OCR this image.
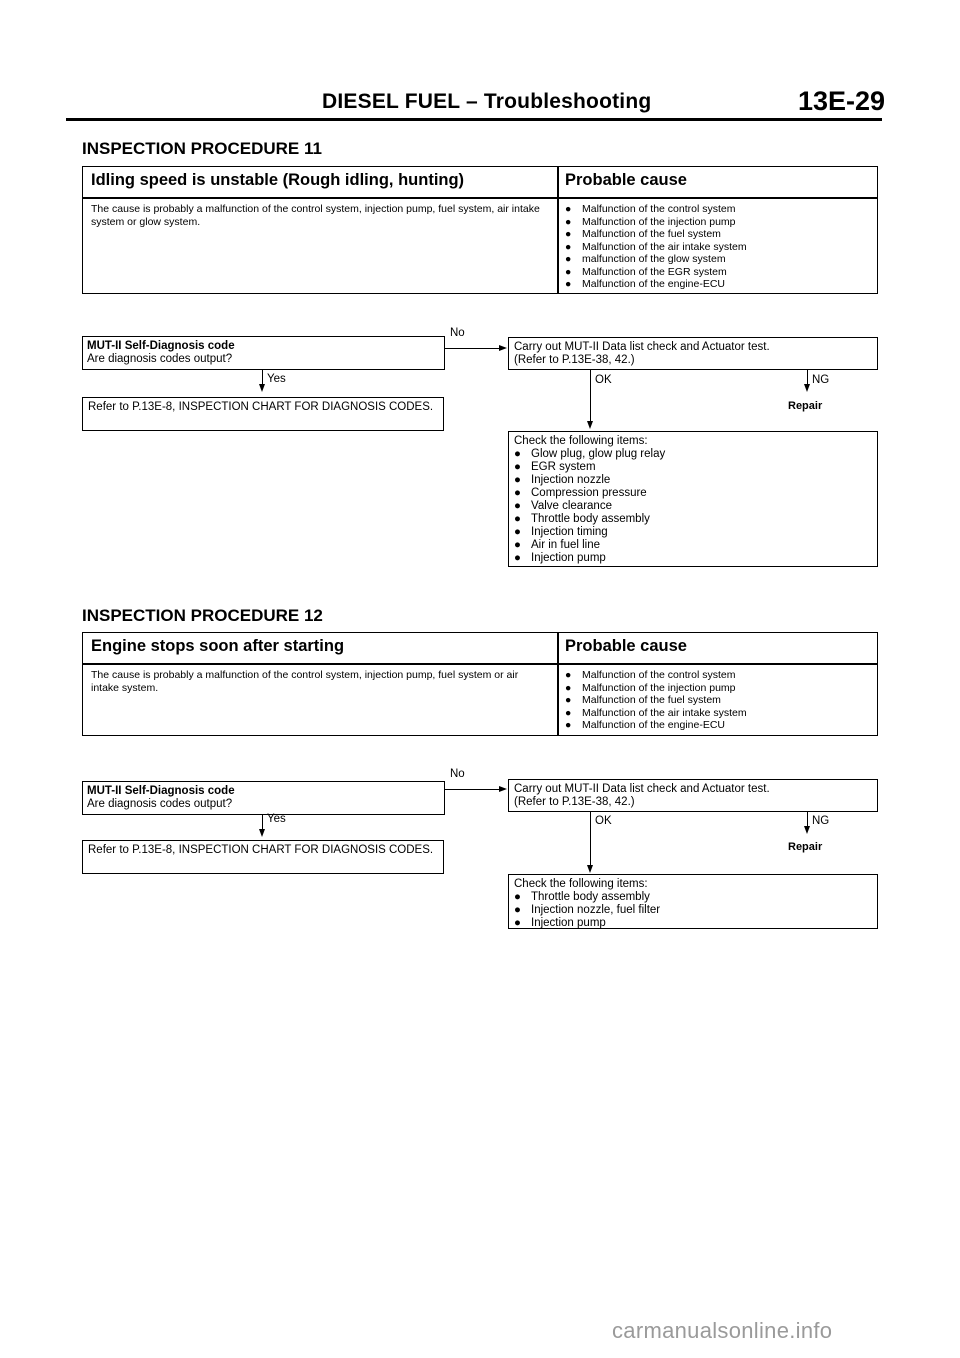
DIESEL FUEL – Troubleshooting	13E-29
INSPECTION PROCEDURE 11
Idling speed is unstable (Rough idling, hunting)	Probable cause
The cause is probably a malfunction of the control system, injection pump, fuel system, air intake system or glow system.
● Malfunction of the control system
● Malfunction of the injection pump
● Malfunction of the fuel system
● Malfunction of the air intake system
● malfunction of the glow system
● Malfunction of the EGR system
● Malfunction of the engine-ECU
MUT-II Self-Diagnosis code
Are diagnosis codes output?
No
Yes
Refer to P.13E-8, INSPECTION CHART FOR DIAGNOSIS CODES.
Carry out MUT-II Data list check and Actuator test.
(Refer to P.13E-38, 42.)
OK	NG
Repair
Check the following items:
● Glow plug, glow plug relay
● EGR system
● Injection nozzle
● Compression pressure
● Valve clearance
● Throttle body assembly
● Injection timing
● Air in fuel line
● Injection pump
INSPECTION PROCEDURE 12
Engine stops soon after starting	Probable cause
The cause is probably a malfunction of the control system, injection pump, fuel system or air intake system.
● Malfunction of the control system
● Malfunction of the injection pump
● Malfunction of the fuel system
● Malfunction of the air intake system
● Malfunction of the engine-ECU
MUT-II Self-Diagnosis code
Are diagnosis codes output?
No
Yes
Refer to P.13E-8, INSPECTION CHART FOR DIAGNOSIS CODES.
Carry out MUT-II Data list check and Actuator test.
(Refer to P.13E-38, 42.)
OK	NG
Repair
Check the following items:
● Throttle body assembly
● Injection nozzle, fuel filter
● Injection pump
carmanualsonline.info
